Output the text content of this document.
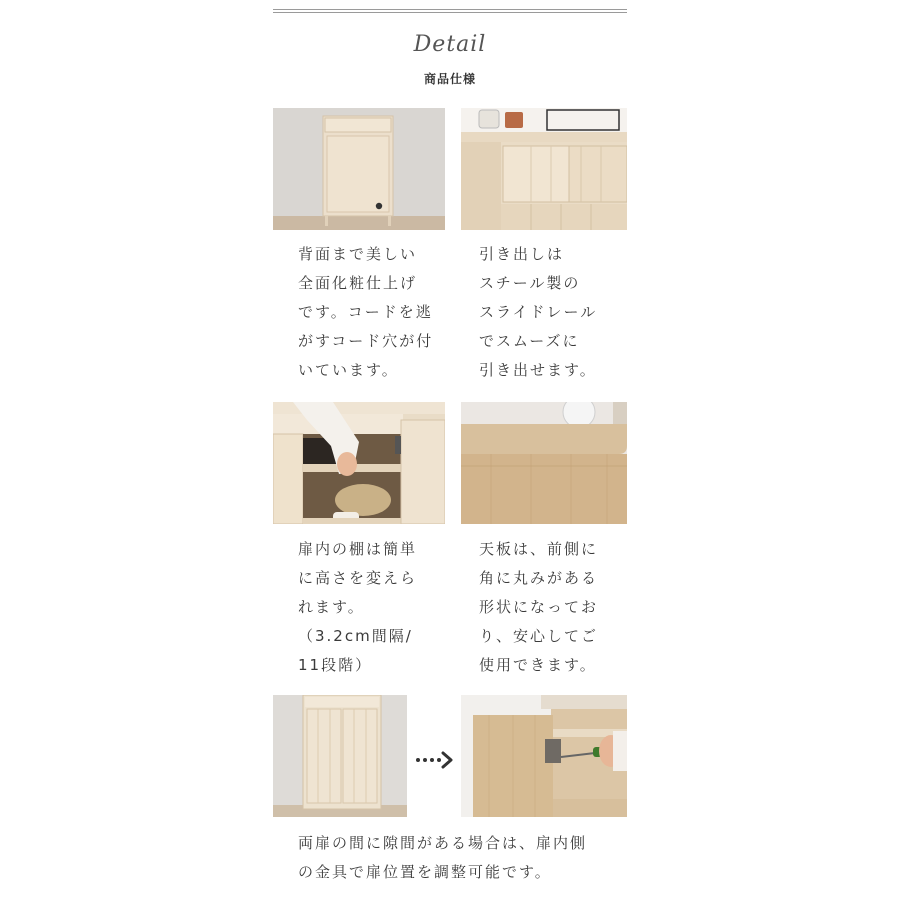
Detail
商品仕様
背面まで美しい
全面化粧仕上げ
です。コードを逃
がすコード穴が付
いています。
引き出しは
スチール製の
スライドレール
でスムーズに
引き出せます。
扉内の棚は簡単
に高さを変えら
れます。
（3.2cm間隔/
11段階）
天板は、前側に
角に丸みがある
形状になってお
り、安心してご
使用できます。
両扉の間に隙間がある場合は、扉内側
の金具で扉位置を調整可能です。
